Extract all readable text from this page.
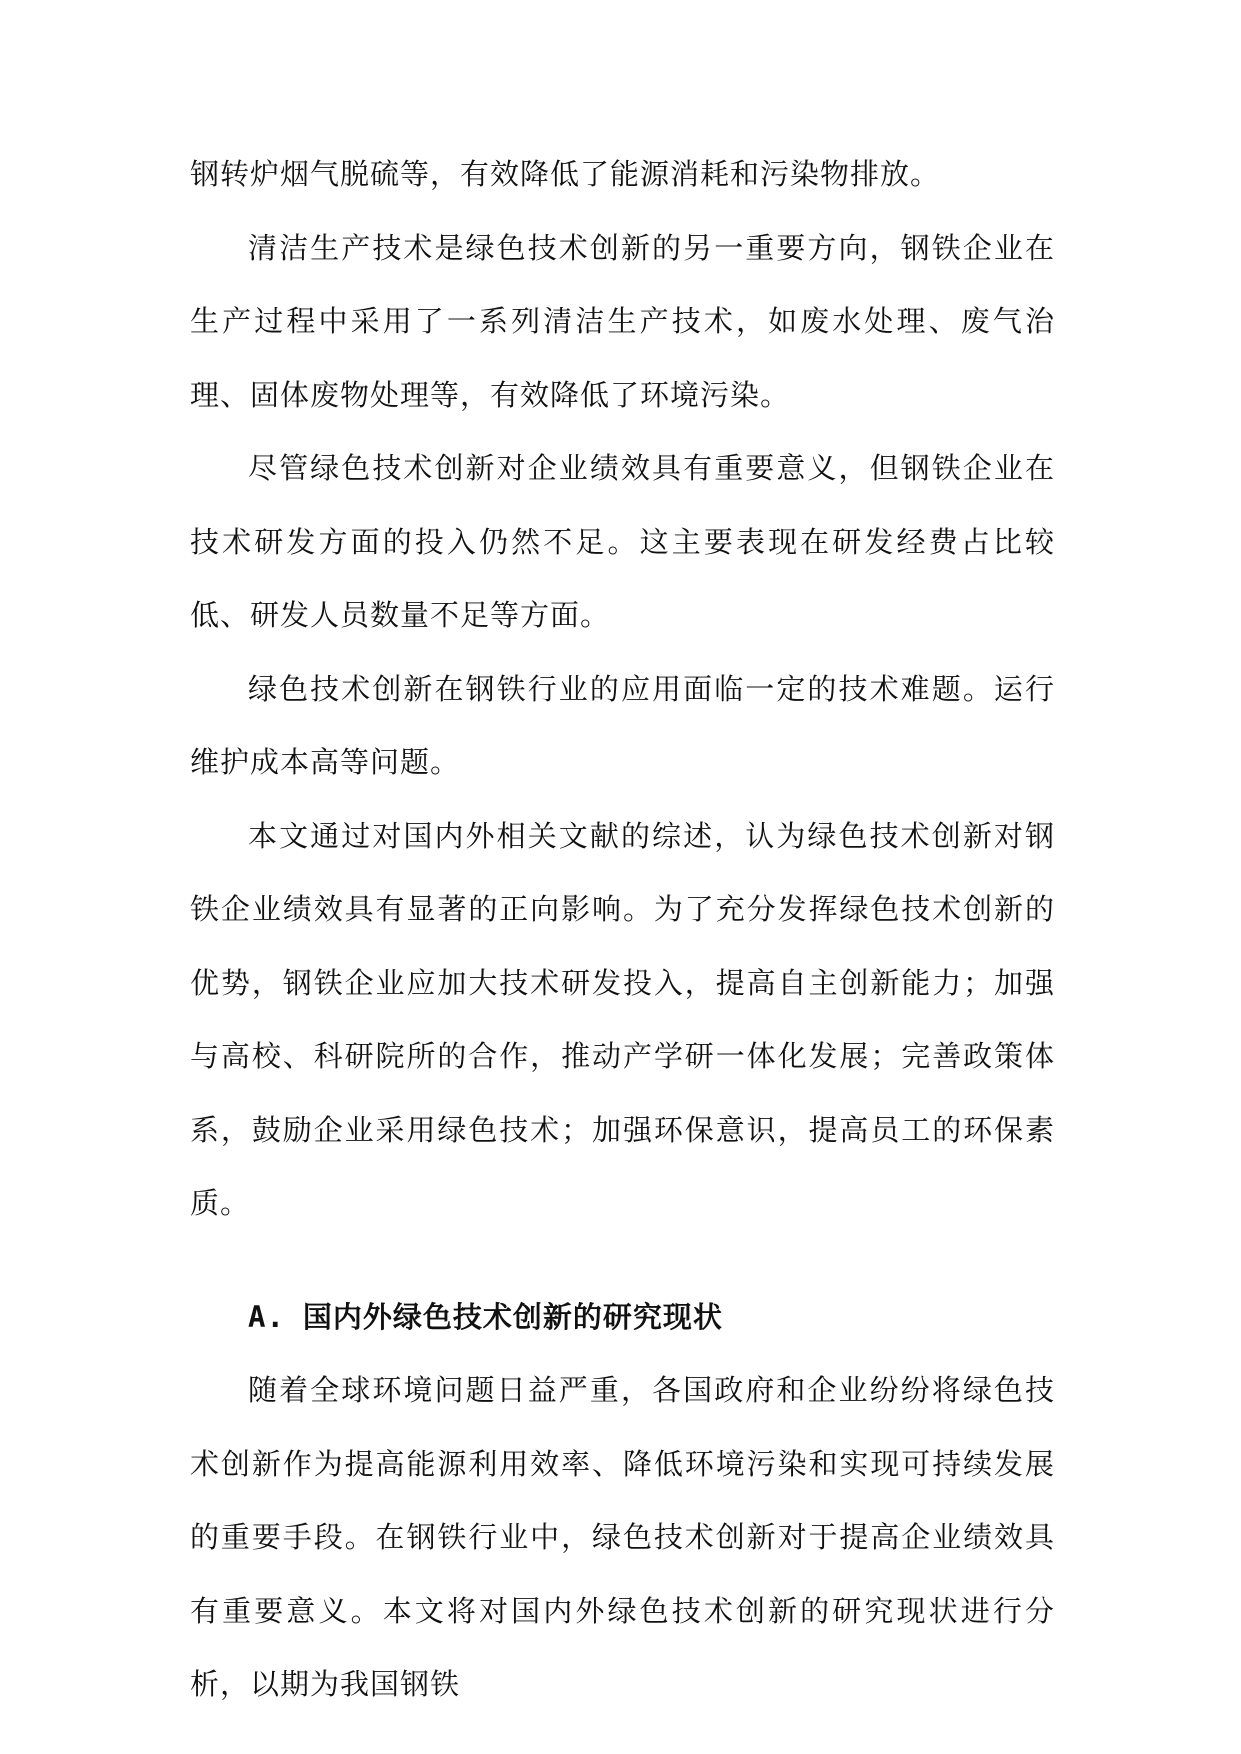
钢转炉烟气脱硫等，有效降低了能源消耗和污染物排放。

清洁生产技术是绿色技术创新的另一重要方向，钢铁企业在生产过程中采用了一系列清洁生产技术，如废水处理、废气治理、固体废物处理等，有效降低了环境污染。

尽管绿色技术创新对企业绩效具有重要意义，但钢铁企业在技术研发方面的投入仍然不足。这主要表现在研发经费占比较低、研发人员数量不足等方面。

绿色技术创新在钢铁行业的应用面临一定的技术难题。运行维护成本高等问题。

本文通过对国内外相关文献的综述，认为绿色技术创新对钢铁企业绩效具有显著的正向影响。为了充分发挥绿色技术创新的优势，钢铁企业应加大技术研发投入，提高自主创新能力；加强与高校、科研院所的合作，推动产学研一体化发展；完善政策体系，鼓励企业采用绿色技术；加强环保意识，提高员工的环保素质。

A. 国内外绿色技术创新的研究现状

随着全球环境问题日益严重，各国政府和企业纷纷将绿色技术创新作为提高能源利用效率、降低环境污染和实现可持续发展的重要手段。在钢铁行业中，绿色技术创新对于提高企业绩效具有重要意义。本文将对国内外绿色技术创新的研究现状进行分析，以期为我国钢铁
